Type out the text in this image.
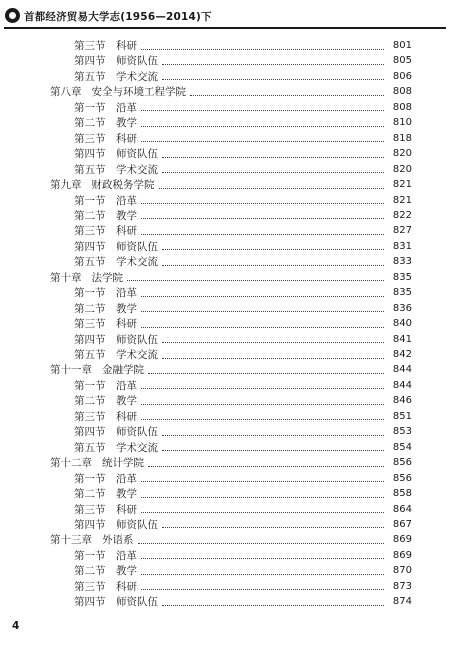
首都经济贸易大学志(1956—2014)下
第三节	科研	801
第四节	师资队伍	805
第五节	学术交流	806
第八章 安全与环境工程学院	808
第一节	沿革	808
第二节	教学	810
第三节	科研	818
第四节	师资队伍	820
第五节	学术交流	820
第九章 财政税务学院	821
第一节	沿革	821
第二节	教学	822
第三节	科研	827
第四节	师资队伍	831
第五节	学术交流	833
第十章 法学院	835
第一节	沿革	835
第二节	教学	836
第三节	科研	840
第四节	师资队伍	841
第五节	学术交流	842
第十一章 金融学院	844
第一节	沿革	844
第二节	教学	846
第三节	科研	851
第四节	师资队伍	853
第五节	学术交流	854
第十二章 统计学院	856
第一节	沿革	856
第二节	教学	858
第三节	科研	864
第四节	师资队伍	867
第十三章 外语系	869
第一节	沿革	869
第二节	教学	870
第三节	科研	873
第四节	师资队伍	874
4
